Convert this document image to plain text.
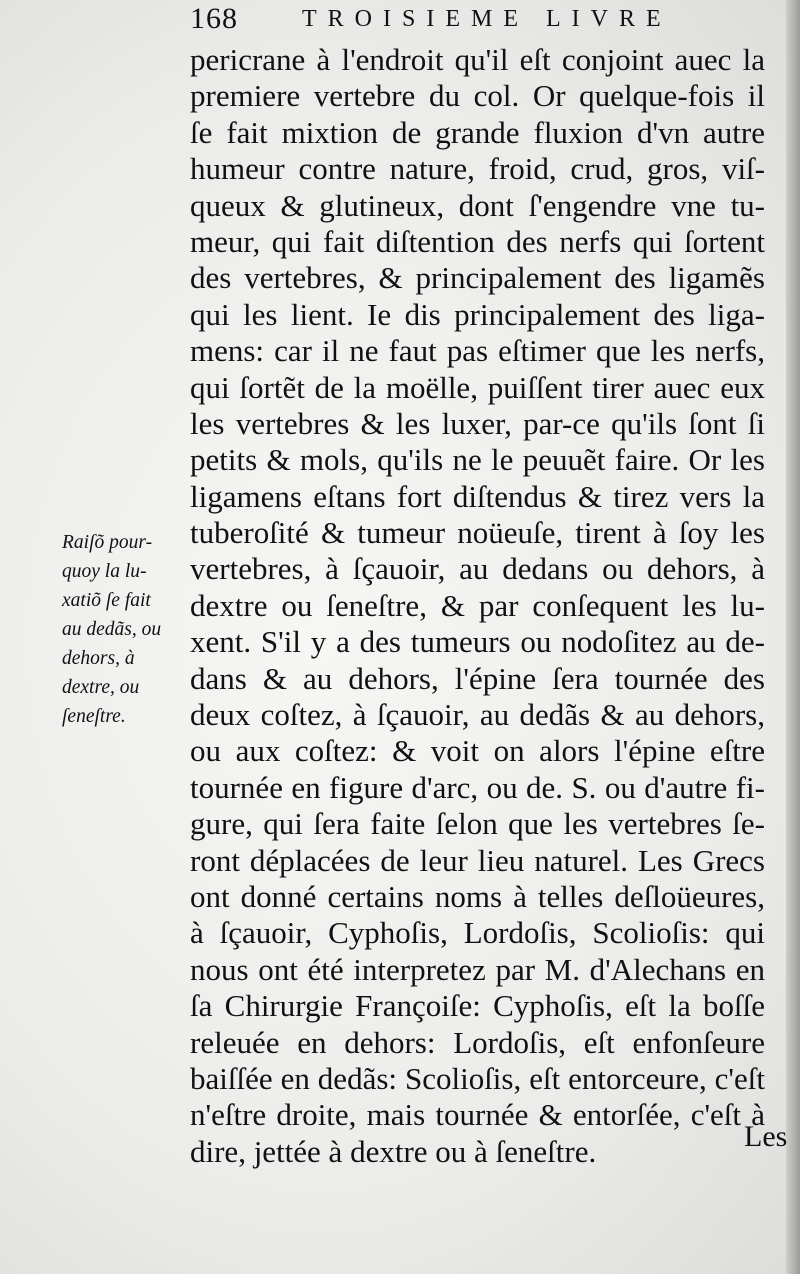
168	TROISIEME LIVRE
pericrane à l'endroit qu'il eſt conjoint auec la
premiere vertebre du col. Or quelque-fois il
ſe fait mixtion de grande fluxion d'vn autre
humeur contre nature, froid, crud, gros, viſ-
queux & glutineux, dont ſ'engendre vne tu-
meur, qui fait diſtention des nerfs qui ſortent
des vertebres, & principalement des ligamẽs
qui les lient. Ie dis principalement des liga-
mens: car il ne faut pas eſtimer que les nerfs,
qui ſortẽt de la moëlle, puiſſent tirer auec eux
les vertebres & les luxer, par-ce qu'ils ſont ſi
petits & mols, qu'ils ne le peuuẽt faire. Or les
ligamens eſtans fort diſtendus & tirez vers la
tuberoſité & tumeur noüeuſe, tirent à ſoy les
vertebres, à ſçauoir, au dedans ou dehors, à
dextre ou ſeneſtre, & par conſequent les lu-
xent. S'il y a des tumeurs ou nodoſitez au de-
dans & au dehors, l'épine ſera tournée des
deux coſtez, à ſçauoir, au dedãs & au dehors,
ou aux coſtez: & voit on alors l'épine eſtre
tournée en figure d'arc, ou de. S. ou d'autre fi-
gure, qui ſera faite ſelon que les vertebres ſe-
ront déplacées de leur lieu naturel. Les Grecs
ont donné certains noms à telles deſloüeures,
à ſçauoir, Cyphoſis, Lordoſis, Scolioſis: qui
nous ont été interpretez par M. d'Alechans en
ſa Chirurgie Françoiſe: Cyphoſis, eſt la boſſe
releuée en dehors: Lordoſis, eſt enfonſeure
baiſſée en dedãs: Scolioſis, eſt entorceure, c'eſt
n'eſtre droite, mais tournée & entorſée, c'eſt à
dire, jettée à dextre ou à ſeneſtre.
Raiſõ pour-
quoy la lu-
xatiõ ſe fait
au dedãs, ou
dehors, à
dextre, ou
ſeneſtre.
Les
